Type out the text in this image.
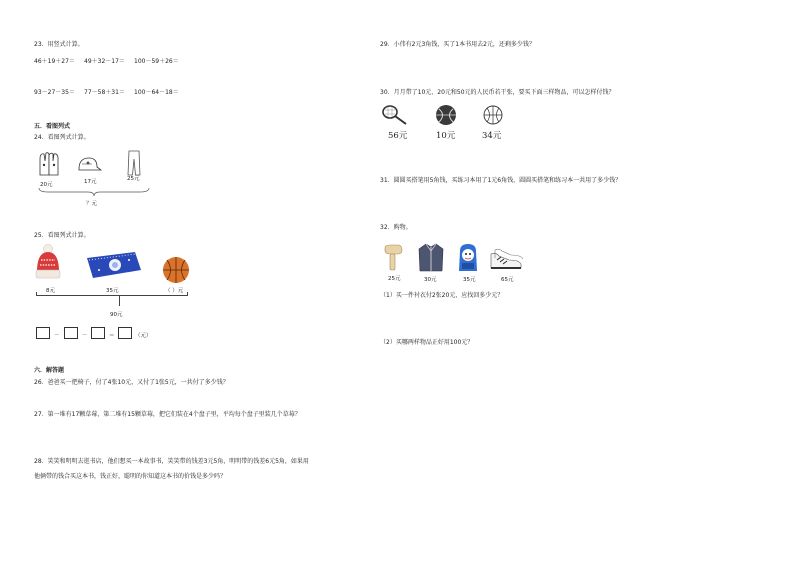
23．用竖式计算。
46＋19＋27＝ 49＋32－17＝ 100－59＋26＝
93－27－35＝ 77－58＋31＝ 100－64－18＝
五．看图列式
24．看图列式计算。
20元	17元	25元
？元
25．看图列式计算。
8元	35元	（ ）元
90元
－	－	＝	（元）
六．解答题
26．爸爸买一把椅子，付了4张10元，又付了1张5元，一共付了多少钱？
27．第一堆有17颗草莓，第二堆有15颗草莓，把它们装在4个盘子里，平均每个盘子里装几个草莓？
28．笑笑和明明去逛书店，他们想买一本故事书，笑笑带的钱差3元5角，明明带的钱差6元5角，如果用
他俩带的钱合买这本书，钱正好，聪明的你知道这本书的价钱是多少吗？
29．小伟有2元3角钱，买了1本书用去2元，还剩多少钱？
30．月月带了10元、20元和50元的人民币若干张，要买下面三样物品，可以怎样付钱？
56元	10元	34元
31．圆圆买搭笔用5角钱，买练习本用了1元6角钱，圆圆买搭笔和练习本一共用了多少钱？
32．购物。
25元	30元	35元	65元
（1）买一件衬衣付2张20元，应找回多少元？
（2）买哪两样物品正好用100元？
